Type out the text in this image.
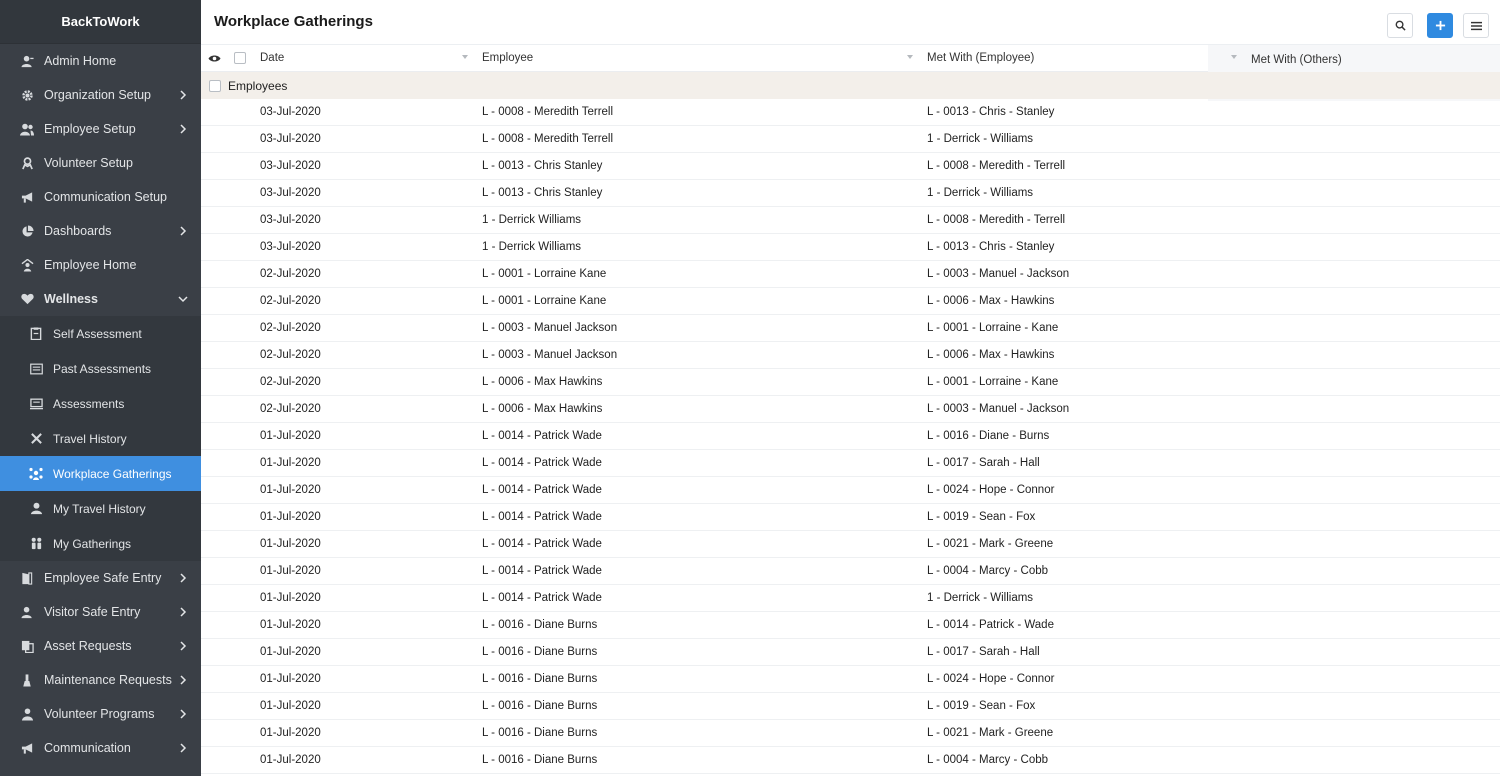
BackToWork
Admin Home
Organization Setup
Employee Setup
Volunteer Setup
Communication Setup
Dashboards
Employee Home
Wellness
Self Assessment
Past Assessments
Assessments
Travel History
Workplace Gatherings
My Travel History
My Gatherings
Employee Safe Entry
Visitor Safe Entry
Asset Requests
Maintenance Requests
Volunteer Programs
Communication
Workplace Gatherings
Date	Employee	Met With (Employee)	Met With (Others)
Employees
03-Jul-2020	L - 0008 - Meredith Terrell	L - 0013 - Chris - Stanley
03-Jul-2020	L - 0008 - Meredith Terrell	1 - Derrick - Williams
03-Jul-2020	L - 0013 - Chris Stanley	L - 0008 - Meredith - Terrell
03-Jul-2020	L - 0013 - Chris Stanley	1 - Derrick - Williams
03-Jul-2020	1 - Derrick Williams	L - 0008 - Meredith - Terrell
03-Jul-2020	1 - Derrick Williams	L - 0013 - Chris - Stanley
02-Jul-2020	L - 0001 - Lorraine Kane	L - 0003 - Manuel - Jackson
02-Jul-2020	L - 0001 - Lorraine Kane	L - 0006 - Max - Hawkins
02-Jul-2020	L - 0003 - Manuel Jackson	L - 0001 - Lorraine - Kane
02-Jul-2020	L - 0003 - Manuel Jackson	L - 0006 - Max - Hawkins
02-Jul-2020	L - 0006 - Max Hawkins	L - 0001 - Lorraine - Kane
02-Jul-2020	L - 0006 - Max Hawkins	L - 0003 - Manuel - Jackson
01-Jul-2020	L - 0014 - Patrick Wade	L - 0016 - Diane - Burns
01-Jul-2020	L - 0014 - Patrick Wade	L - 0017 - Sarah - Hall
01-Jul-2020	L - 0014 - Patrick Wade	L - 0024 - Hope - Connor
01-Jul-2020	L - 0014 - Patrick Wade	L - 0019 - Sean - Fox
01-Jul-2020	L - 0014 - Patrick Wade	L - 0021 - Mark - Greene
01-Jul-2020	L - 0014 - Patrick Wade	L - 0004 - Marcy - Cobb
01-Jul-2020	L - 0014 - Patrick Wade	1 - Derrick - Williams
01-Jul-2020	L - 0016 - Diane Burns	L - 0014 - Patrick - Wade
01-Jul-2020	L - 0016 - Diane Burns	L - 0017 - Sarah - Hall
01-Jul-2020	L - 0016 - Diane Burns	L - 0024 - Hope - Connor
01-Jul-2020	L - 0016 - Diane Burns	L - 0019 - Sean - Fox
01-Jul-2020	L - 0016 - Diane Burns	L - 0021 - Mark - Greene
01-Jul-2020	L - 0016 - Diane Burns	L - 0004 - Marcy - Cobb
